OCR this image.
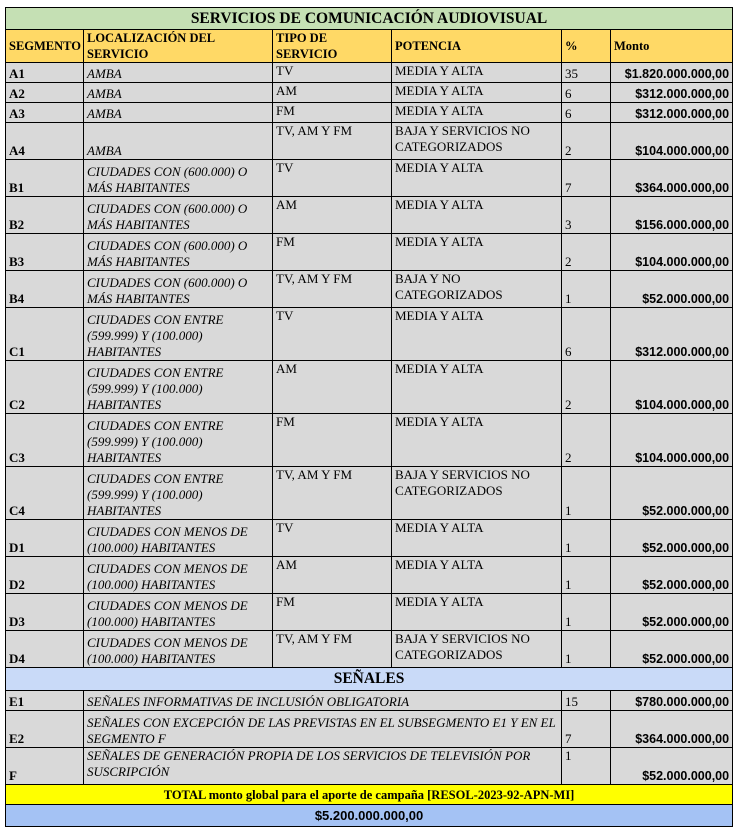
SERVICIOS DE COMUNICACIÓN AUDIOVISUAL					
SEGMENTO	LOCALIZACIÓN DEL SERVICIO	TIPO DE SERVICIO	POTENCIA	%	Monto
A1	AMBA	TV	MEDIA Y ALTA	35	$1.820.000.000,00
A2	AMBA	AM	MEDIA Y ALTA	6	$312.000.000,00
A3	AMBA	FM	MEDIA Y ALTA	6	$312.000.000,00
A4	AMBA	TV, AM Y FM	BAJA Y SERVICIOS NO CATEGORIZADOS	2	$104.000.000,00
B1	CIUDADES CON (600.000) O MÁS HABITANTES	TV	MEDIA Y ALTA	7	$364.000.000,00
B2	CIUDADES CON (600.000) O MÁS HABITANTES	AM	MEDIA Y ALTA	3	$156.000.000,00
B3	CIUDADES CON (600.000) O MÁS HABITANTES	FM	MEDIA Y ALTA	2	$104.000.000,00
B4	CIUDADES CON (600.000) O MÁS HABITANTES	TV, AM Y FM	BAJA Y NO CATEGORIZADOS	1	$52.000.000,00
C1	CIUDADES CON ENTRE (599.999) Y (100.000) HABITANTES	TV	MEDIA Y ALTA	6	$312.000.000,00
C2	CIUDADES CON ENTRE (599.999) Y (100.000) HABITANTES	AM	MEDIA Y ALTA	2	$104.000.000,00
C3	CIUDADES CON ENTRE (599.999) Y (100.000) HABITANTES	FM	MEDIA Y ALTA	2	$104.000.000,00
C4	CIUDADES CON ENTRE (599.999) Y (100.000) HABITANTES	TV, AM Y FM	BAJA Y SERVICIOS NO CATEGORIZADOS	1	$52.000.000,00
D1	CIUDADES CON MENOS DE (100.000) HABITANTES	TV	MEDIA Y ALTA	1	$52.000.000,00
D2	CIUDADES CON MENOS DE (100.000) HABITANTES	AM	MEDIA Y ALTA	1	$52.000.000,00
D3	CIUDADES CON MENOS DE (100.000) HABITANTES	FM	MEDIA Y ALTA	1	$52.000.000,00
D4	CIUDADES CON MENOS DE (100.000) HABITANTES	TV, AM Y FM	BAJA Y SERVICIOS NO CATEGORIZADOS	1	$52.000.000,00
SEÑALES					
E1	SEÑALES INFORMATIVAS DE INCLUSIÓN OBLIGATORIA			15	$780.000.000,00
E2	SEÑALES CON EXCEPCIÓN DE LAS PREVISTAS EN EL SUBSEGMENTO E1 Y EN EL SEGMENTO F			7	$364.000.000,00
F	SEÑALES DE GENERACIÓN PROPIA DE LOS SERVICIOS DE TELEVISIÓN POR SUSCRIPCIÓN			1	$52.000.000,00
TOTAL monto global para el aporte de campaña [RESOL-2023-92-APN-MI]					
$5.200.000.000,00					
